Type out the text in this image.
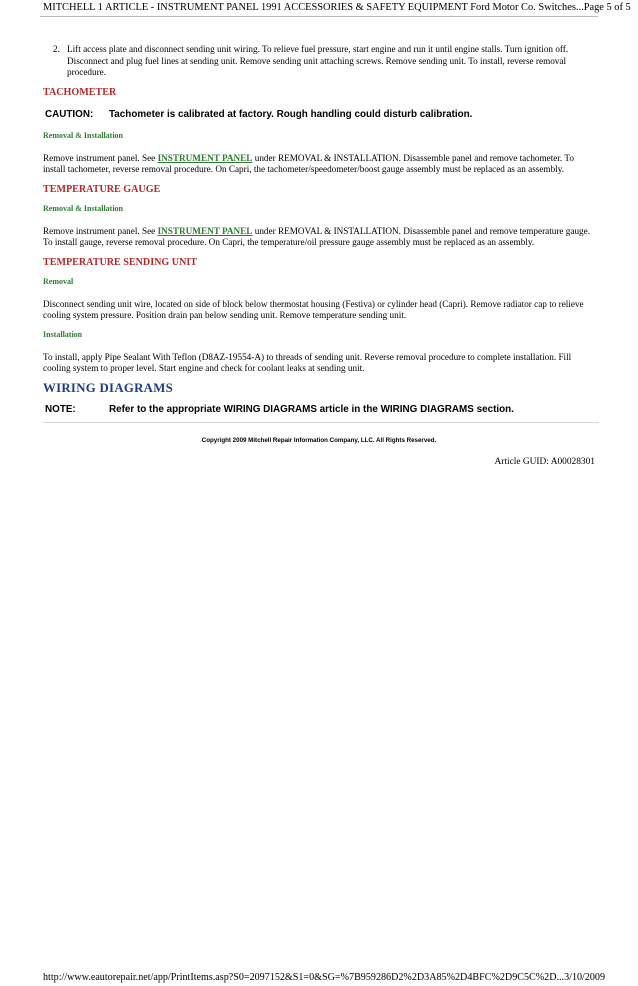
MITCHELL 1 ARTICLE - INSTRUMENT PANEL 1991 ACCESSORIES & SAFETY EQUIPMENT Ford Motor Co. Switches... Page 5 of 5
2. Lift access plate and disconnect sending unit wiring. To relieve fuel pressure, start engine and run it until engine stalls. Turn ignition off. Disconnect and plug fuel lines at sending unit. Remove sending unit attaching screws. Remove sending unit. To install, reverse removal procedure.
TACHOMETER
CAUTION:	Tachometer is calibrated at factory. Rough handling could disturb calibration.
Removal & Installation
Remove instrument panel. See INSTRUMENT PANEL under REMOVAL & INSTALLATION. Disassemble panel and remove tachometer. To install tachometer, reverse removal procedure. On Capri, the tachometer/speedometer/boost gauge assembly must be replaced as an assembly.
TEMPERATURE GAUGE
Removal & Installation
Remove instrument panel. See INSTRUMENT PANEL under REMOVAL & INSTALLATION. Disassemble panel and remove temperature gauge. To install gauge, reverse removal procedure. On Capri, the temperature/oil pressure gauge assembly must be replaced as an assembly.
TEMPERATURE SENDING UNIT
Removal
Disconnect sending unit wire, located on side of block below thermostat housing (Festiva) or cylinder head (Capri). Remove radiator cap to relieve cooling system pressure. Position drain pan below sending unit. Remove temperature sending unit.
Installation
To install, apply Pipe Sealant With Teflon (D8AZ-19554-A) to threads of sending unit. Reverse removal procedure to complete installation. Fill cooling system to proper level. Start engine and check for coolant leaks at sending unit.
WIRING DIAGRAMS
NOTE:	Refer to the appropriate WIRING DIAGRAMS article in the WIRING DIAGRAMS section.
Copyright 2009 Mitchell Repair Information Company, LLC. All Rights Reserved.
Article GUID: A00028301
http://www.eautorepair.net/app/PrintItems.asp?S0=2097152&S1=0&SG=%7B959286D2%2D3A85%2D4BFC%2D9C5C%2D... 3/10/2009
